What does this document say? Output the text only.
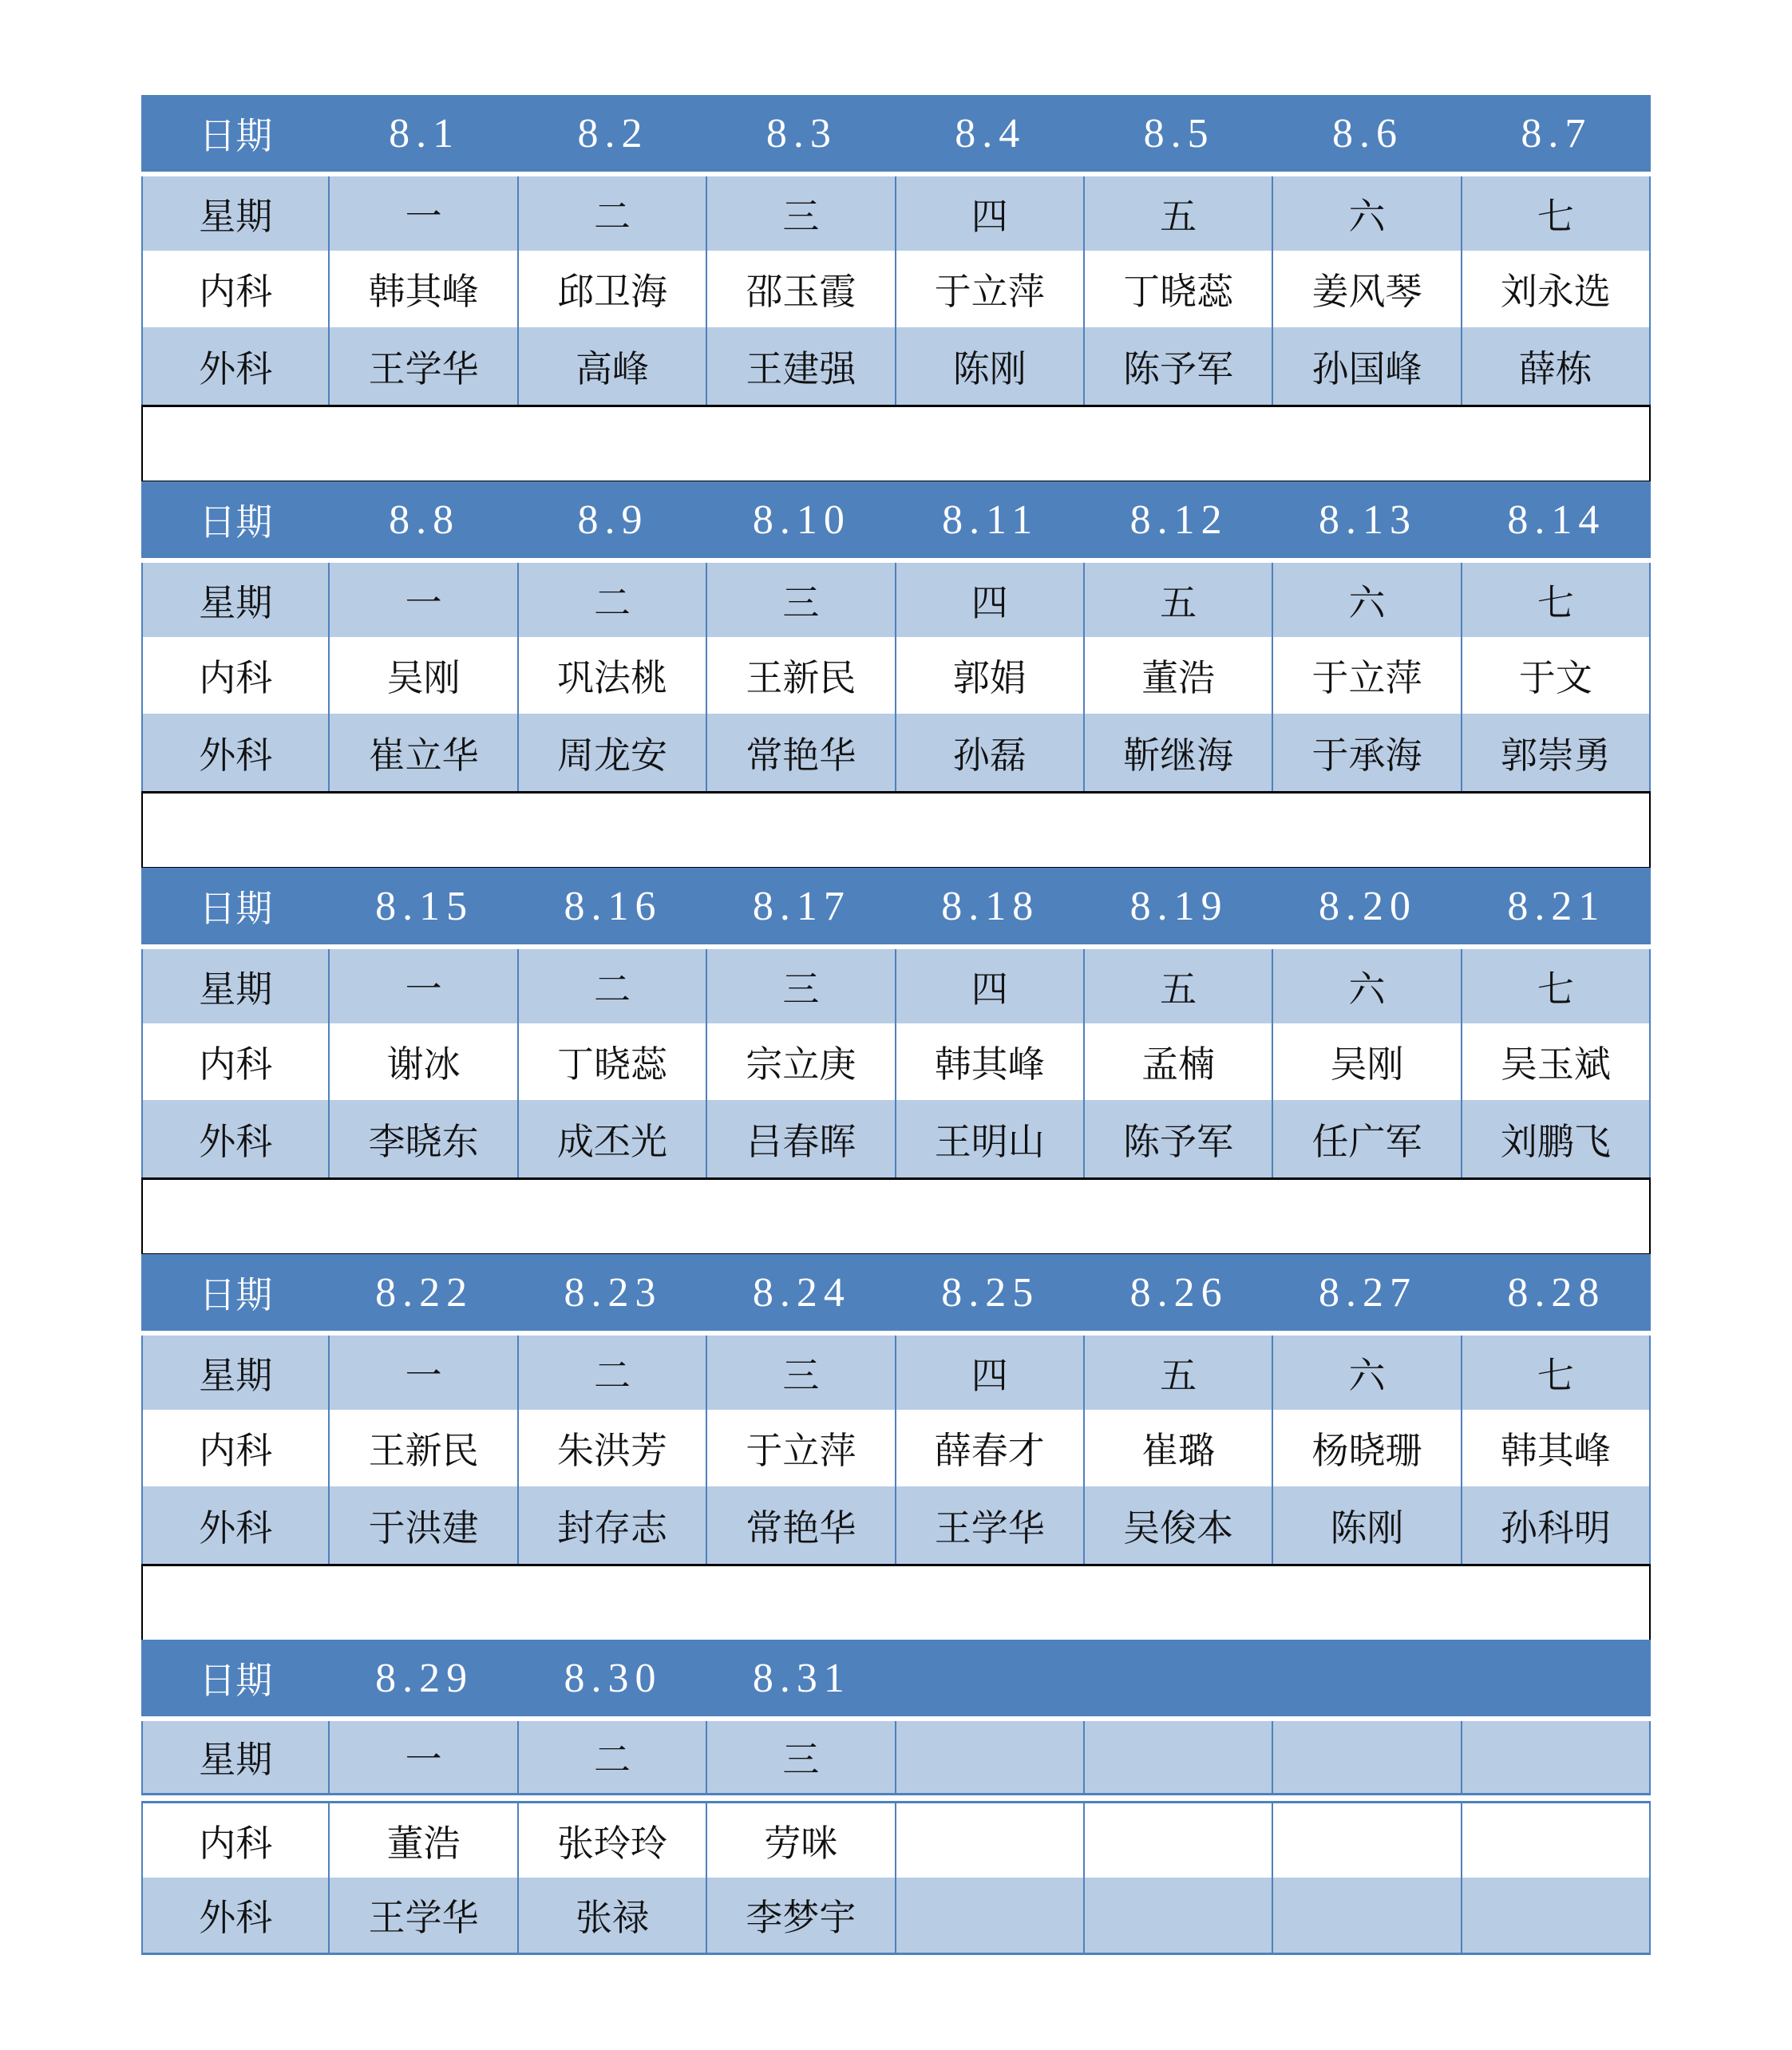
日期	8.1	8.2	8.3	8.4	8.5	8.6	8.7
星期	一	二	三	四	五	六	七
内科	韩其峰	邱卫海	邵玉霞	于立萍	丁晓蕊	姜风琴	刘永选
外科	王学华	高峰	王建强	陈刚	陈予军	孙国峰	薛栋
日期	8.8	8.9	8.10	8.11	8.12	8.13	8.14
星期	一	二	三	四	五	六	七
内科	吴刚	巩法桃	王新民	郭娟	董浩	于立萍	于文
外科	崔立华	周龙安	常艳华	孙磊	靳继海	于承海	郭崇勇
日期	8.15	8.16	8.17	8.18	8.19	8.20	8.21
星期	一	二	三	四	五	六	七
内科	谢冰	丁晓蕊	宗立庚	韩其峰	孟楠	吴刚	吴玉斌
外科	李晓东	成丕光	吕春晖	王明山	陈予军	任广军	刘鹏飞
日期	8.22	8.23	8.24	8.25	8.26	8.27	8.28
星期	一	二	三	四	五	六	七
内科	王新民	朱洪芳	于立萍	薛春才	崔璐	杨晓珊	韩其峰
外科	于洪建	封存志	常艳华	王学华	吴俊本	陈刚	孙科明
日期	8.29	8.30	8.31
星期	一	二	三
内科	董浩	张玲玲	劳咪
外科	王学华	张禄	李梦宇
